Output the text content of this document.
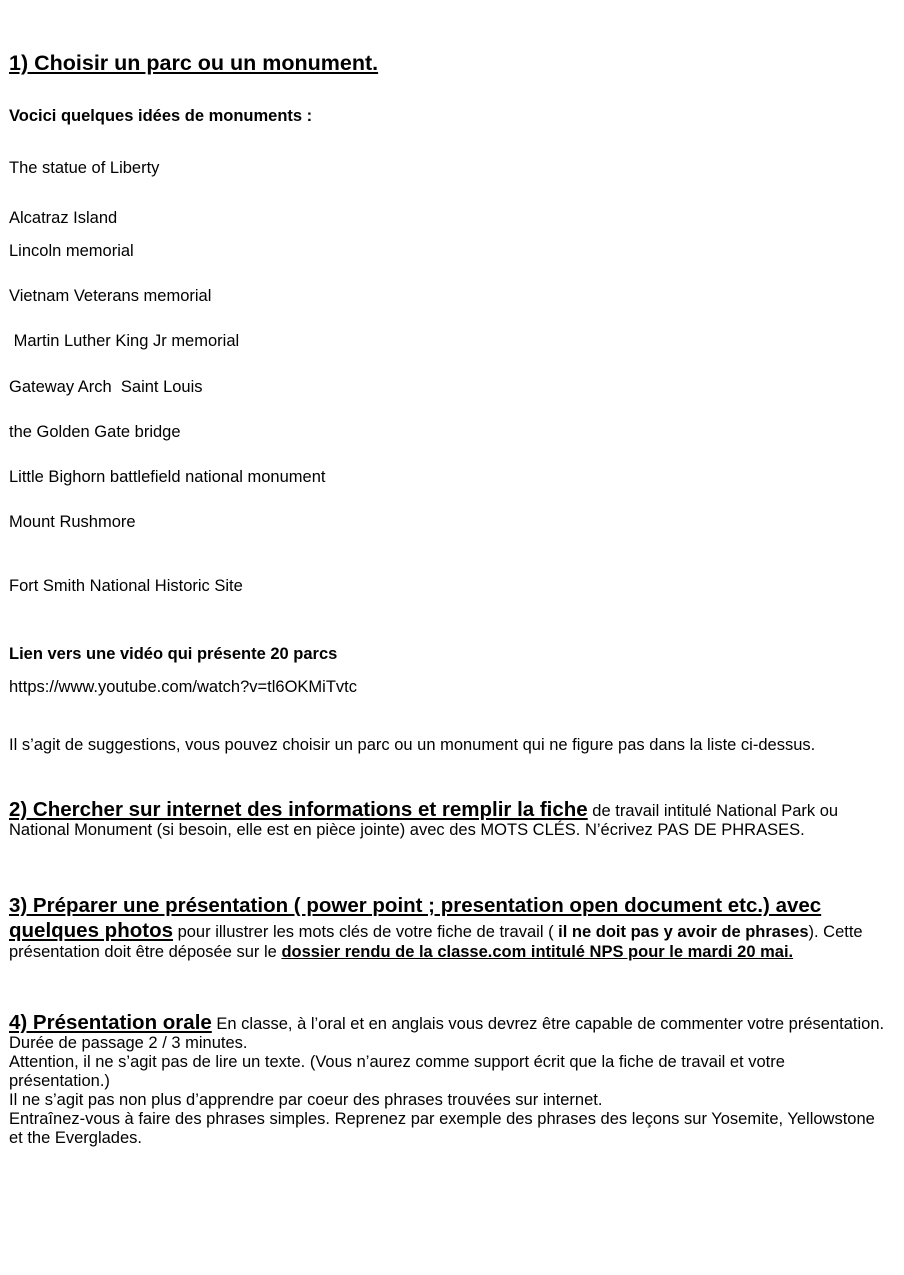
1) Choisir un parc ou un monument.
Vocici quelques idées de monuments :
The statue of Liberty
Alcatraz Island
Lincoln memorial
Vietnam Veterans memorial
Martin Luther King Jr memorial
Gateway Arch  Saint Louis
the Golden Gate bridge
Little Bighorn battlefield national monument
Mount Rushmore
Fort Smith National Historic Site
Lien vers une vidéo qui présente 20 parcs
https://www.youtube.com/watch?v=tl6OKMiTvtc
Il s’agit de suggestions, vous pouvez choisir un parc ou un monument qui ne figure pas dans la liste ci-dessus.
2) Chercher sur internet des informations et remplir la fiche de travail intitulé National Park ou National Monument (si besoin, elle est en pièce jointe) avec des MOTS CLÉS. N’écrivez PAS DE PHRASES.
3) Préparer une présentation ( power point ; presentation open document etc.) avec quelques photos pour illustrer les mots clés de votre fiche de travail ( il ne doit pas y avoir de phrases). Cette présentation doit être déposée sur le dossier rendu de la classe.com intitulé NPS pour le mardi 20 mai.
4) Présentation orale En classe, à l’oral et en anglais vous devrez être capable de commenter votre présentation. Durée de passage 2 / 3 minutes.
Attention, il ne s’agit pas de lire un texte. (Vous n’aurez comme support écrit que la fiche de travail et votre présentation.)
Il ne s’agit pas non plus d’apprendre par coeur des phrases trouvées sur internet.
Entraînez-vous à faire des phrases simples. Reprenez par exemple des phrases des leçons sur Yosemite, Yellowstone et the Everglades.
